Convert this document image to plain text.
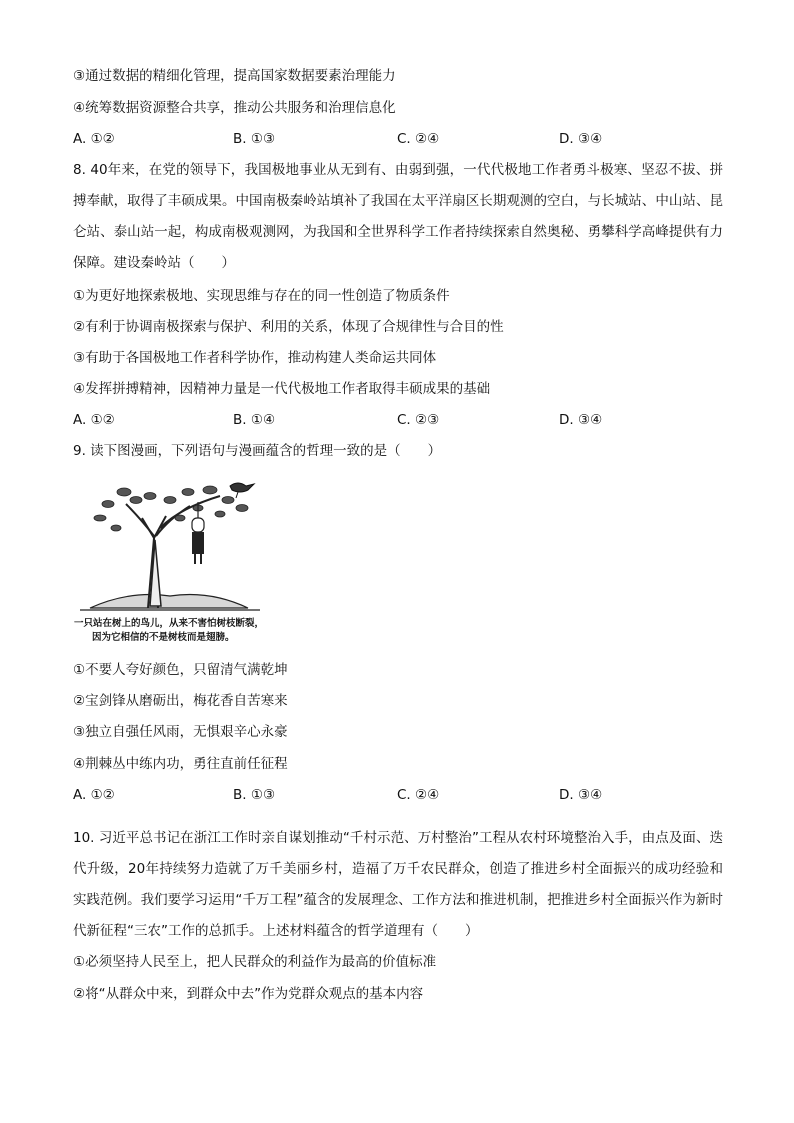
③通过数据的精细化管理，提高国家数据要素治理能力
④统筹数据资源整合共享，推动公共服务和治理信息化
A. ①②	B. ①③	C. ②④	D. ③④
8. 40年来，在党的领导下，我国极地事业从无到有、由弱到强，一代代极地工作者勇斗极寒、坚忍不拔、拼搏奉献，取得了丰硕成果。中国南极秦岭站填补了我国在太平洋扇区长期观测的空白，与长城站、中山站、昆仑站、泰山站一起，构成南极观测网，为我国和全世界科学工作者持续探索自然奥秘、勇攀科学高峰提供有力保障。建设秦岭站（　　）
①为更好地探索极地、实现思维与存在的同一性创造了物质条件
②有利于协调南极探索与保护、利用的关系，体现了合规律性与合目的性
③有助于各国极地工作者科学协作，推动构建人类命运共同体
④发挥拼搏精神，因精神力量是一代代极地工作者取得丰硕成果的基础
A. ①②	B. ①④	C. ②③	D. ③④
9. 读下图漫画，下列语句与漫画蕴含的哲理一致的是（　　）
一只站在树上的鸟儿，从来不害怕树枝断裂，
因为它相信的不是树枝而是翅膀。
①不要人夸好颜色，只留清气满乾坤
②宝剑锋从磨砺出，梅花香自苦寒来
③独立自强任风雨，无惧艰辛心永豪
④荆棘丛中练内功，勇往直前任征程
A. ①②	B. ①③	C. ②④	D. ③④
10. 习近平总书记在浙江工作时亲自谋划推动“千村示范、万村整治”工程从农村环境整治入手，由点及面、迭代升级，20年持续努力造就了万千美丽乡村，造福了万千农民群众，创造了推进乡村全面振兴的成功经验和实践范例。我们要学习运用“千万工程”蕴含的发展理念、工作方法和推进机制，把推进乡村全面振兴作为新时代新征程“三农”工作的总抓手。上述材料蕴含的哲学道理有（　　）
①必须坚持人民至上，把人民群众的利益作为最高的价值标准
②将“从群众中来，到群众中去”作为党群众观点的基本内容
